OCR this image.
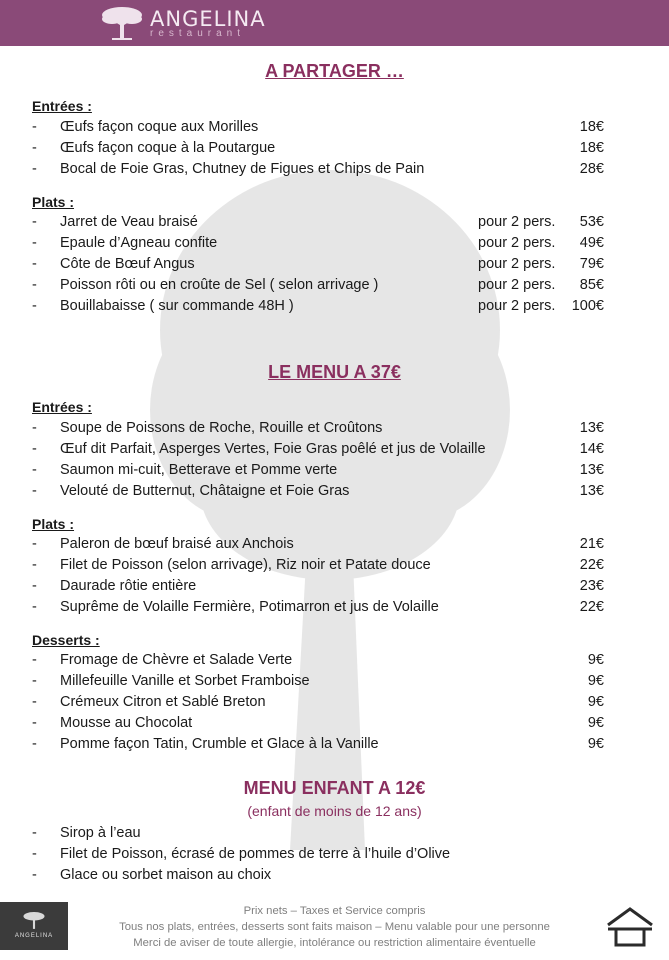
ANGELINA
restaurant
A PARTAGER …
Entrées :
- Œufs façon coque aux Morilles	18€
- Œufs façon coque à la Poutargue	18€
- Bocal de Foie Gras, Chutney de Figues et Chips de Pain	28€
Plats :
- Jarret de Veau braisé	pour 2 pers. 53€
- Epaule d’Agneau confite	pour 2 pers. 49€
- Côte de Bœuf Angus	pour 2 pers. 79€
- Poisson rôti ou en croûte de Sel ( selon arrivage )	pour 2 pers. 85€
- Bouillabaisse ( sur commande 48H )	pour 2 pers. 100€
LE MENU A 37€
Entrées :
- Soupe de Poissons de Roche, Rouille et Croûtons	13€
- Œuf dit Parfait, Asperges Vertes, Foie Gras poêlé et jus de Volaille	14€
- Saumon mi-cuit, Betterave et Pomme verte	13€
- Velouté de Butternut, Châtaigne et Foie Gras	13€
Plats :
- Paleron de bœuf braisé aux Anchois	21€
- Filet de Poisson (selon arrivage), Riz noir et Patate douce	22€
- Daurade rôtie entière	23€
- Suprême de Volaille Fermière, Potimarron et jus de Volaille	22€
Desserts :
- Fromage de Chèvre et Salade Verte	9€
- Millefeuille Vanille et Sorbet Framboise	9€
- Crémeux Citron et Sablé Breton	9€
- Mousse au Chocolat	9€
- Pomme façon Tatin, Crumble et Glace à la Vanille	9€
MENU ENFANT A 12€
(enfant de moins de 12 ans)
- Sirop à l’eau
- Filet de Poisson, écrasé de pommes de terre à l’huile d’Olive
- Glace ou sorbet maison au choix
ANGELINA
Prix nets – Taxes et Service compris
Tous nos plats, entrées, desserts sont faits maison – Menu valable pour une personne
Merci de aviser de toute allergie, intolérance ou restriction alimentaire éventuelle
